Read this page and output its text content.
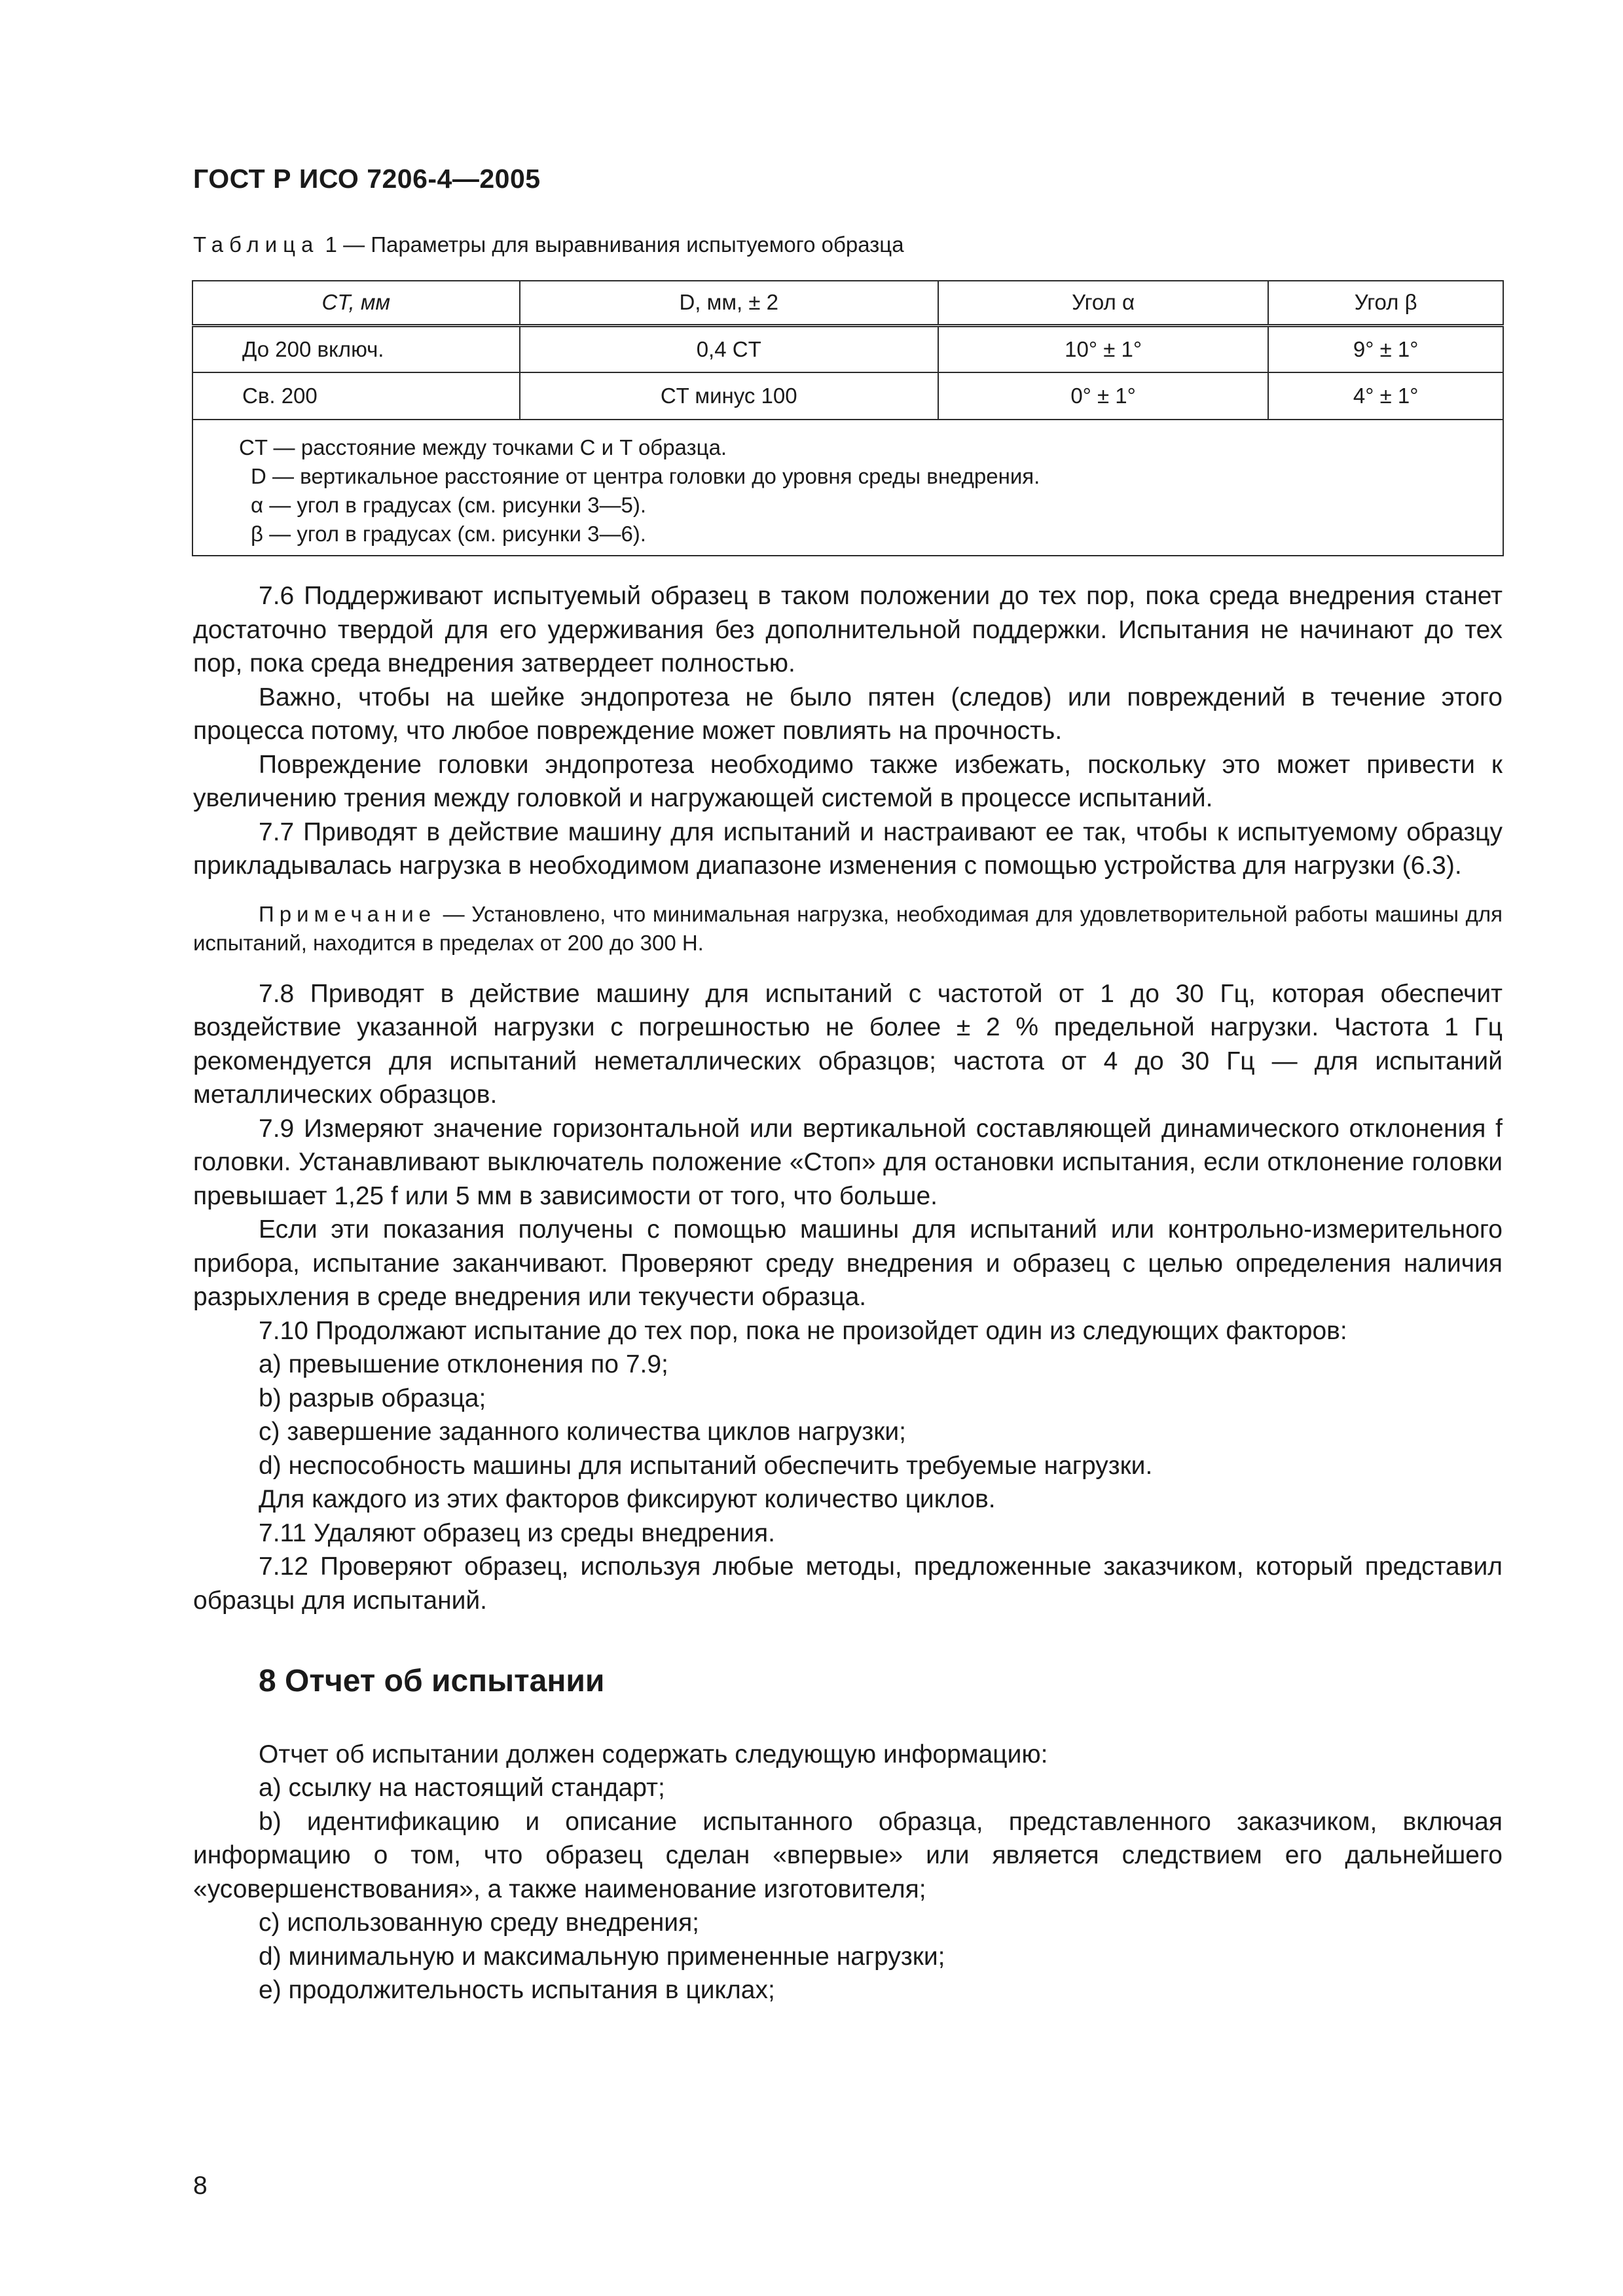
ГОСТ Р ИСО 7206-4—2005
Таблица 1 — Параметры для выравнивания испытуемого образца
CT, мм	D, мм, ± 2	Угол α	Угол β
До 200 включ.	0,4 CT	10° ± 1°	9° ± 1°
Св. 200	CT минус 100	0° ± 1°	4° ± 1°

CT — расстояние между точками C и T образца.
D — вертикальное расстояние от центра головки до уровня среды внедрения.
α — угол в градусах (см. рисунки 3—5).
β — угол в градусах (см. рисунки 3—6).			

7.6 Поддерживают испытуемый образец в таком положении до тех пор, пока среда внедрения станет достаточно твердой для его удерживания без дополнительной поддержки. Испытания не начинают до тех пор, пока среда внедрения затвердеет полностью.

Важно, чтобы на шейке эндопротеза не было пятен (следов) или повреждений в течение этого процесса потому, что любое повреждение может повлиять на прочность.

Повреждение головки эндопротеза необходимо также избежать, поскольку это может привести к увеличению трения между головкой и нагружающей системой в процессе испытаний.

7.7 Приводят в действие машину для испытаний и настраивают ее так, чтобы к испытуемому образцу прикладывалась нагрузка в необходимом диапазоне изменения с помощью устройства для нагрузки (6.3).

Примечание — Установлено, что минимальная нагрузка, необходимая для удовлетворительной работы машины для испытаний, находится в пределах от 200 до 300 Н.

7.8 Приводят в действие машину для испытаний с частотой от 1 до 30 Гц, которая обеспечит воздействие указанной нагрузки с погрешностью не более ± 2 % предельной нагрузки. Частота 1 Гц рекомендуется для испытаний неметаллических образцов; частота от 4 до 30 Гц — для испытаний металлических образцов.

7.9 Измеряют значение горизонтальной или вертикальной составляющей динамического отклонения f головки. Устанавливают выключатель положение «Стоп» для остановки испытания, если отклонение головки превышает 1,25 f или 5 мм в зависимости от того, что больше.

Если эти показания получены с помощью машины для испытаний или контрольно-измерительного прибора, испытание заканчивают. Проверяют среду внедрения и образец с целью определения наличия разрыхления в среде внедрения или текучести образца.

7.10 Продолжают испытание до тех пор, пока не произойдет один из следующих факторов:

a) превышение отклонения по 7.9;

b) разрыв образца;

c) завершение заданного количества циклов нагрузки;

d) неспособность машины для испытаний обеспечить требуемые нагрузки.

Для каждого из этих факторов фиксируют количество циклов.

7.11 Удаляют образец из среды внедрения.

7.12 Проверяют образец, используя любые методы, предложенные заказчиком, который представил образцы для испытаний.

8 Отчет об испытании

Отчет об испытании должен содержать следующую информацию:

a) ссылку на настоящий стандарт;

b) идентификацию и описание испытанного образца, представленного заказчиком, включая информацию о том, что образец сделан «впервые» или является следствием его дальнейшего «усовершенствования», а также наименование изготовителя;

c) использованную среду внедрения;

d) минимальную и максимальную примененные нагрузки;

e) продолжительность испытания в циклах;

8
